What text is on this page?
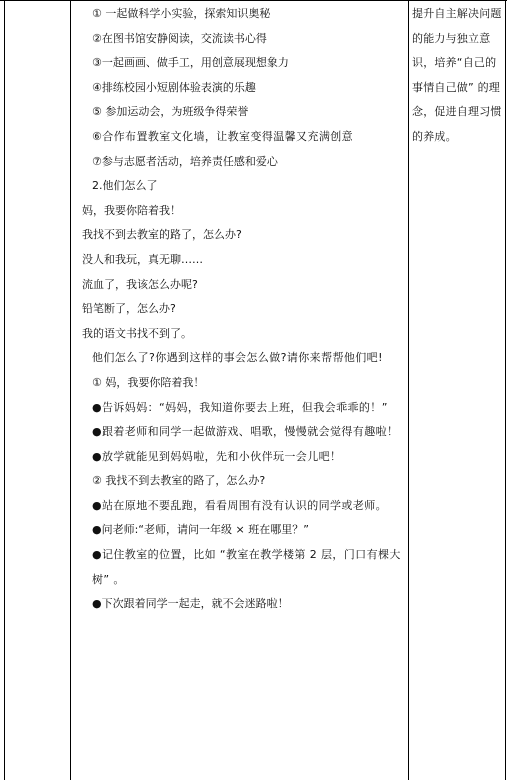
① 一起做科学小实验，探索知识奥秘

②在图书馆安静阅读，交流读书心得

③一起画画、做手工，用创意展现想象力

④排练校园小短剧体验表演的乐趣

⑤ 参加运动会，为班级争得荣誉

⑥合作布置教室文化墙，让教室变得温馨又充满创意

⑦参与志愿者活动，培养责任感和爱心

2.他们怎么了

妈，我要你陪着我！

我找不到去教室的路了，怎么办?

没人和我玩，真无聊……

流血了，我该怎么办呢?

铅笔断了，怎么办?

我的语文书找不到了。

他们怎么了?你遇到这样的事会怎么做?请你来帮帮他们吧!

① 妈，我要你陪着我！

●告诉妈妈：“妈妈，我知道你要去上班，但我会乖乖的！”

●跟着老师和同学一起做游戏、唱歌，慢慢就会觉得有趣啦！

●放学就能见到妈妈啦，先和小伙伴玩一会儿吧！

② 我找不到去教室的路了，怎么办?

●站在原地不要乱跑，看看周围有没有认识的同学或老师。

●问老师:“老师，请问一年级 × 班在哪里？”

●记住教室的位置，比如 “教室在教学楼第 2 层，门口有棵大树” 。

●下次跟着同学一起走，就不会迷路啦！

提升自主解决问题的能力与独立意识，培养“自己的事情自己做” 的理念，促进自理习惯的养成。
